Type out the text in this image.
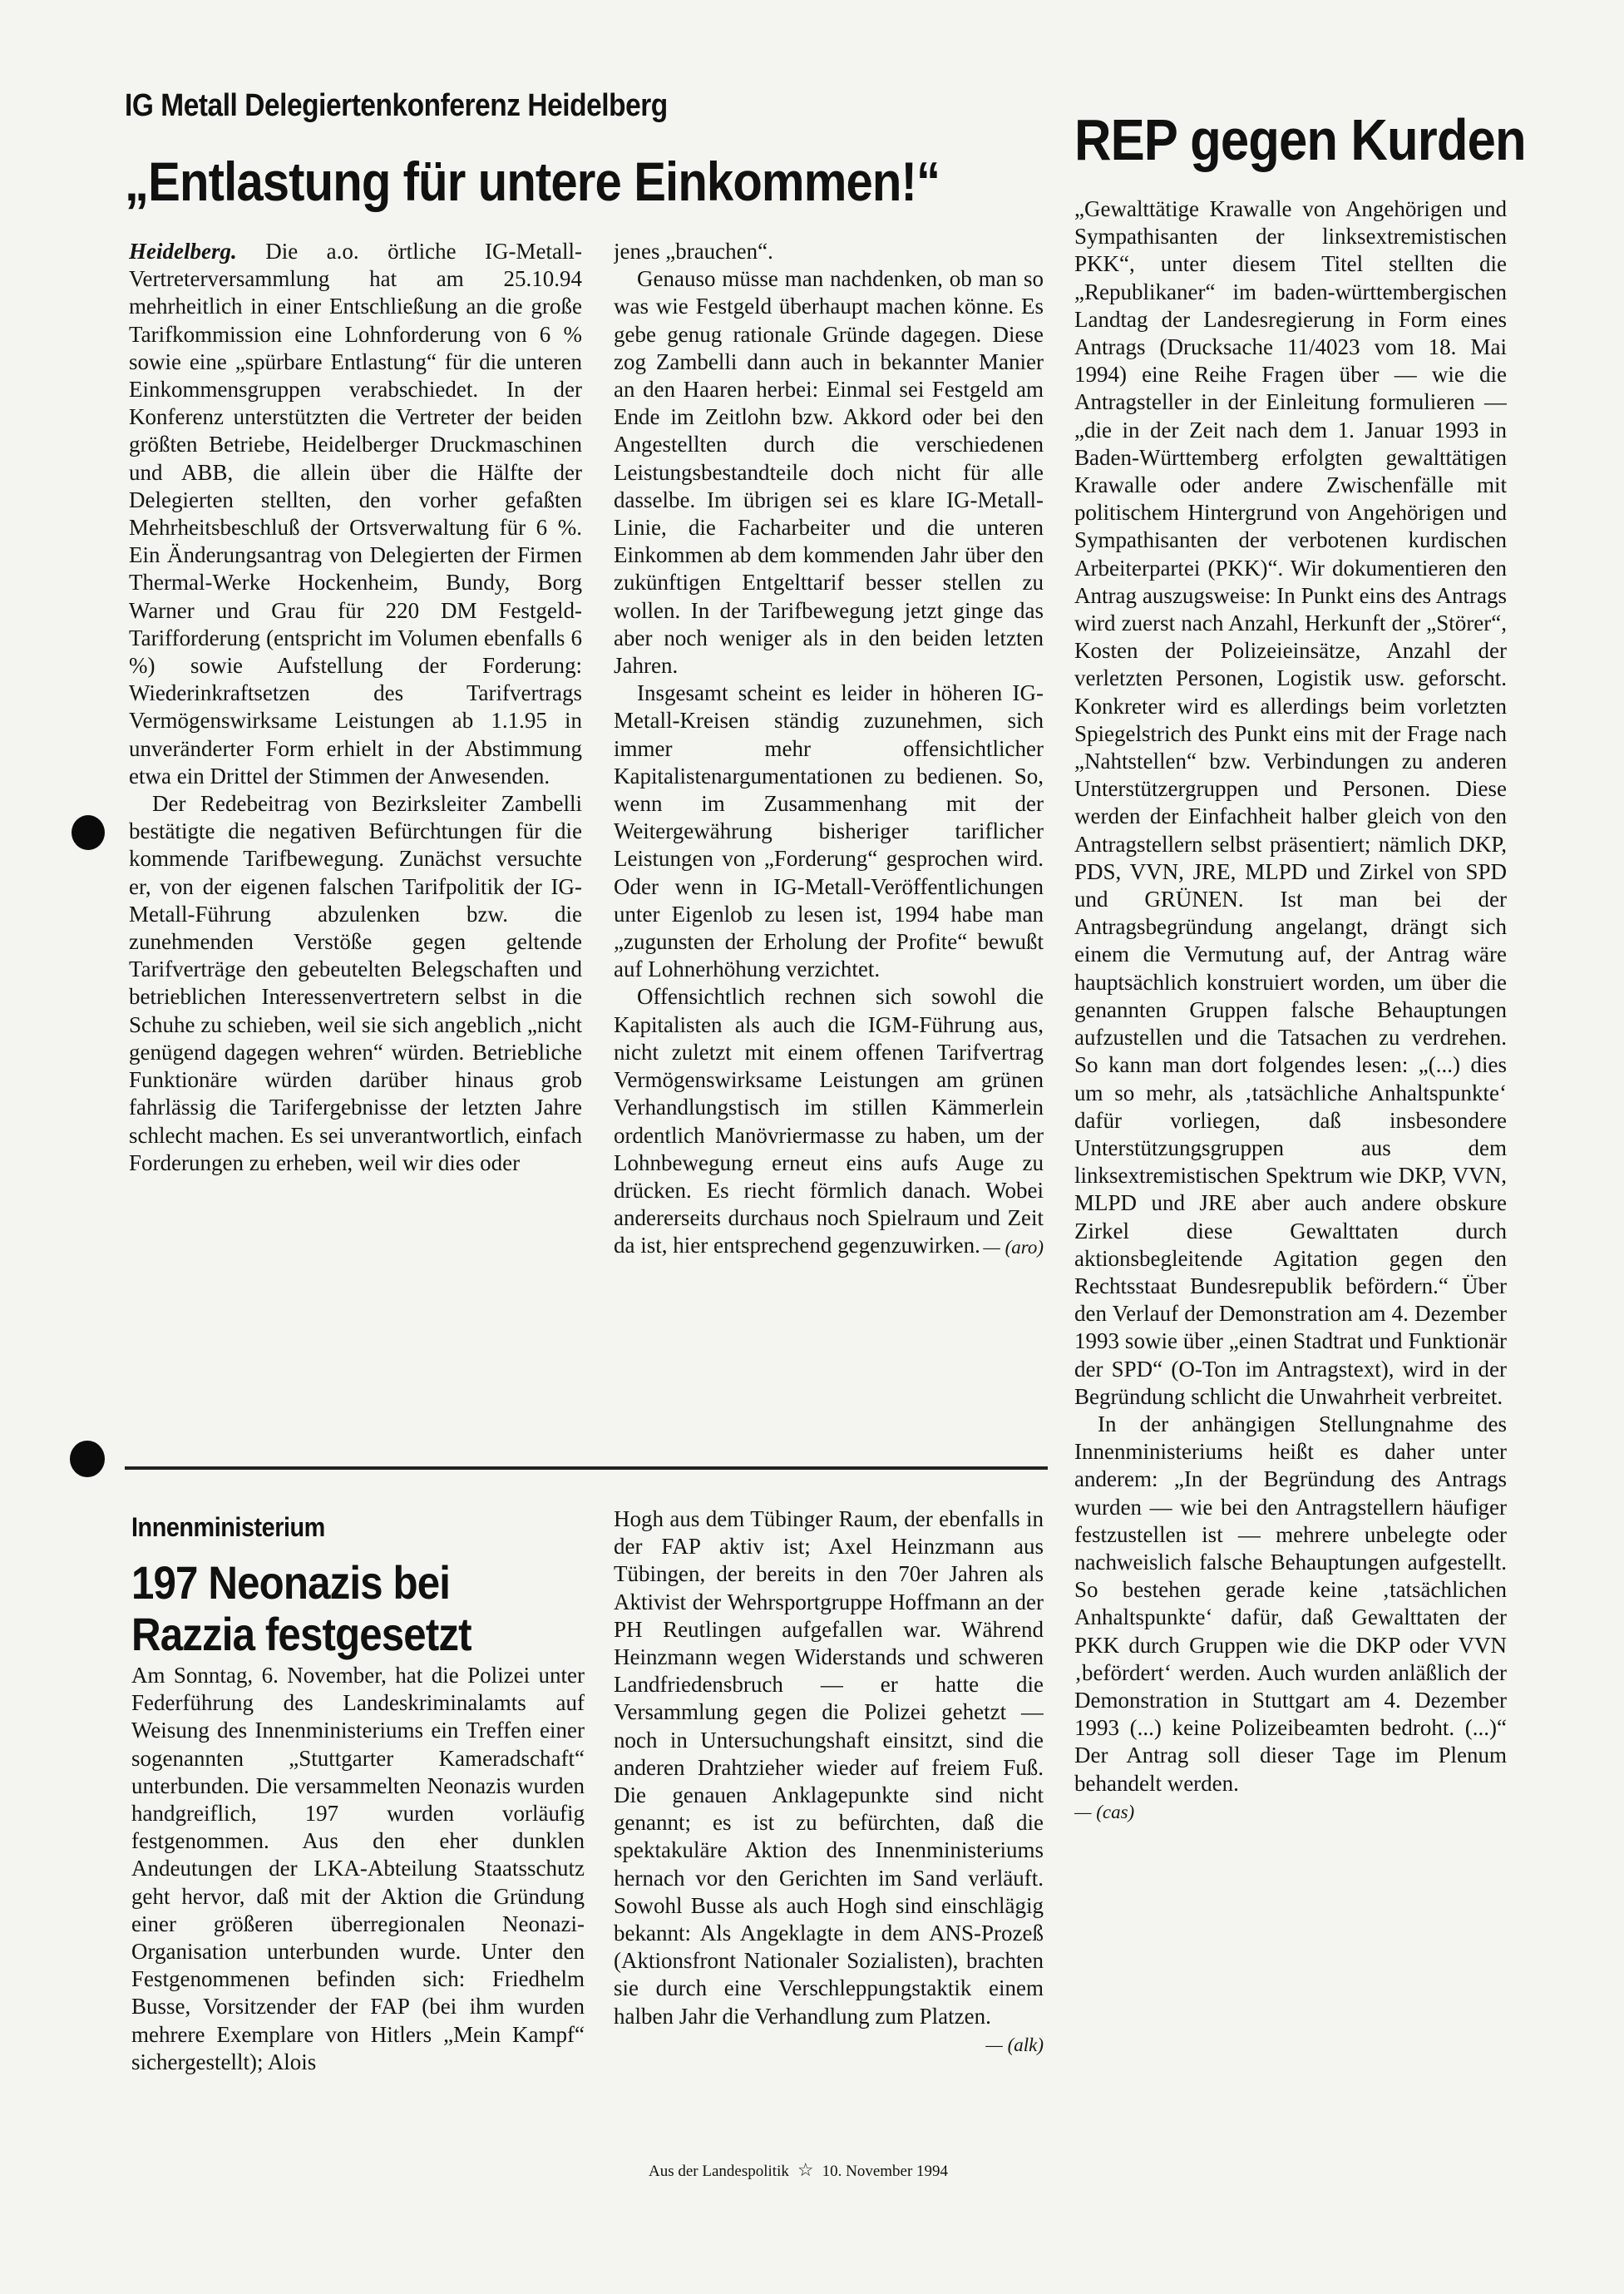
IG Metall Delegiertenkonferenz Heidelberg
„Entlastung für untere Einkommen!“

Heidelberg. Die a.o. örtliche IG-Metall-Vertreterversammlung hat am 25.10.94 mehrheitlich in einer Entschließung an die große Tarifkommission eine Lohnforderung von 6 % sowie eine „spürbare Entlastung“ für die unteren Einkommensgruppen verabschiedet. In der Konferenz unterstützten die Vertreter der beiden größten Betriebe, Heidelberger Druckmaschinen und ABB, die allein über die Hälfte der Delegierten stellten, den vorher gefaßten Mehrheitsbeschluß der Ortsverwaltung für 6 %. Ein Änderungsantrag von Delegierten der Firmen Thermal-Werke Hockenheim, Bundy, Borg Warner und Grau für 220 DM Festgeld-Tarifforderung (entspricht im Volumen ebenfalls 6 %) sowie Aufstellung der Forderung: Wiederinkraftsetzen des Tarifvertrags Vermögenswirksame Leistungen ab 1.1.95 in unveränderter Form erhielt in der Abstimmung etwa ein Drittel der Stimmen der Anwesenden.

Der Redebeitrag von Bezirksleiter Zambelli bestätigte die negativen Befürchtungen für die kommende Tarifbewegung. Zunächst versuchte er, von der eigenen falschen Tarifpolitik der IG-Metall-Führung abzulenken bzw. die zunehmenden Verstöße gegen geltende Tarifverträge den gebeutelten Belegschaften und betrieblichen Interessenvertretern selbst in die Schuhe zu schieben, weil sie sich angeblich „nicht genügend dagegen wehren“ würden. Betriebliche Funktionäre würden darüber hinaus grob fahrlässig die Tarifergebnisse der letzten Jahre schlecht machen. Es sei unverantwortlich, einfach Forderungen zu erheben, weil wir dies oder

jenes „brauchen“.

Genauso müsse man nachdenken, ob man so was wie Festgeld überhaupt machen könne. Es gebe genug rationale Gründe dagegen. Diese zog Zambelli dann auch in bekannter Manier an den Haaren herbei: Einmal sei Festgeld am Ende im Zeitlohn bzw. Akkord oder bei den Angestellten durch die verschiedenen Leistungsbestandteile doch nicht für alle dasselbe. Im übrigen sei es klare IG-Metall-Linie, die Facharbeiter und die unteren Einkommen ab dem kommenden Jahr über den zukünftigen Entgelttarif besser stellen zu wollen. In der Tarifbewegung jetzt ginge das aber noch weniger als in den beiden letzten Jahren.

Insgesamt scheint es leider in höheren IG-Metall-Kreisen ständig zuzunehmen, sich immer mehr offensichtlicher Kapitalistenargumentationen zu bedienen. So, wenn im Zusammenhang mit der Weitergewährung bisheriger tariflicher Leistungen von „Forderung“ gesprochen wird. Oder wenn in IG-Metall-Veröffentlichungen unter Eigenlob zu lesen ist, 1994 habe man „zugunsten der Erholung der Profite“ bewußt auf Lohnerhöhung verzichtet.

Offensichtlich rechnen sich sowohl die Kapitalisten als auch die IGM-Führung aus, nicht zuletzt mit einem offenen Tarifvertrag Vermögenswirksame Leistungen am grünen Verhandlungstisch im stillen Kämmerlein ordentlich Manövriermasse zu haben, um der Lohnbewegung erneut eins aufs Auge zu drücken. Es riecht förmlich danach. Wobei andererseits durchaus noch Spielraum und Zeit da ist, hier entsprechend gegenzuwirken. — (aro)
REP gegen Kurden

„Gewalttätige Krawalle von Angehörigen und Sympathisanten der linksextremistischen PKK“, unter diesem Titel stellten die „Republikaner“ im baden-württembergischen Landtag der Landesregierung in Form eines Antrags (Drucksache 11/4023 vom 18. Mai 1994) eine Reihe Fragen über — wie die Antragsteller in der Einleitung formulieren — „die in der Zeit nach dem 1. Januar 1993 in Baden-Württemberg erfolgten gewalttätigen Krawalle oder andere Zwischenfälle mit politischem Hintergrund von Angehörigen und Sympathisanten der verbotenen kurdischen Arbeiterpartei (PKK)“. Wir dokumentieren den Antrag auszugsweise: In Punkt eins des Antrags wird zuerst nach Anzahl, Herkunft der „Störer“, Kosten der Polizeieinsätze, Anzahl der verletzten Personen, Logistik usw. geforscht. Konkreter wird es allerdings beim vorletzten Spiegelstrich des Punkt eins mit der Frage nach „Nahtstellen“ bzw. Verbindungen zu anderen Unterstützergruppen und Personen. Diese werden der Einfachheit halber gleich von den Antragstellern selbst präsentiert; nämlich DKP, PDS, VVN, JRE, MLPD und Zirkel von SPD und GRÜNEN. Ist man bei der Antragsbegründung angelangt, drängt sich einem die Vermutung auf, der Antrag wäre hauptsächlich konstruiert worden, um über die genannten Gruppen falsche Behauptungen aufzustellen und die Tatsachen zu verdrehen. So kann man dort folgendes lesen: „(...) dies um so mehr, als ‚tatsächliche Anhaltspunkte‘ dafür vorliegen, daß insbesondere Unterstützungsgruppen aus dem linksextremistischen Spektrum wie DKP, VVN, MLPD und JRE aber auch andere obskure Zirkel diese Gewalttaten durch aktionsbegleitende Agitation gegen den Rechtsstaat Bundesrepublik befördern.“ Über den Verlauf der Demonstration am 4. Dezember 1993 sowie über „einen Stadtrat und Funktionär der SPD“ (O-Ton im Antragstext), wird in der Begründung schlicht die Unwahrheit verbreitet.

In der anhängigen Stellungnahme des Innenministeriums heißt es daher unter anderem: „In der Begründung des Antrags wurden — wie bei den Antragstellern häufiger festzustellen ist — mehrere unbelegte oder nachweislich falsche Behauptungen aufgestellt. So bestehen gerade keine ‚tatsächlichen Anhaltspunkte‘ dafür, daß Gewalttaten der PKK durch Gruppen wie die DKP oder VVN ‚befördert‘ werden. Auch wurden anläßlich der Demonstration in Stuttgart am 4. Dezember 1993 (...) keine Polizeibeamten bedroht. (...)“ Der Antrag soll dieser Tage im Plenum behandelt werden.

— (cas)
Innenministerium
197 Neonazis bei
Razzia festgesetzt

Am Sonntag, 6. November, hat die Polizei unter Federführung des Landeskriminalamts auf Weisung des Innenministeriums ein Treffen einer sogenannten „Stuttgarter Kameradschaft“ unterbunden. Die versammelten Neonazis wurden handgreiflich, 197 wurden vorläufig festgenommen. Aus den eher dunklen Andeutungen der LKA-Abteilung Staatsschutz geht hervor, daß mit der Aktion die Gründung einer größeren überregionalen Neonazi-Organisation unterbunden wurde. Unter den Festgenommenen befinden sich: Friedhelm Busse, Vorsitzender der FAP (bei ihm wurden mehrere Exemplare von Hitlers „Mein Kampf“ sichergestellt); Alois

Hogh aus dem Tübinger Raum, der ebenfalls in der FAP aktiv ist; Axel Heinzmann aus Tübingen, der bereits in den 70er Jahren als Aktivist der Wehrsportgruppe Hoffmann an der PH Reutlingen aufgefallen war. Während Heinzmann wegen Widerstands und schweren Landfriedensbruch — er hatte die Versammlung gegen die Polizei gehetzt — noch in Untersuchungshaft einsitzt, sind die anderen Drahtzieher wieder auf freiem Fuß. Die genauen Anklagepunkte sind nicht genannt; es ist zu befürchten, daß die spektakuläre Aktion des Innenministeriums hernach vor den Gerichten im Sand verläuft. Sowohl Busse als auch Hogh sind einschlägig bekannt: Als Angeklagte in dem ANS-Prozeß (Aktionsfront Nationaler Sozialisten), brachten sie durch eine Verschleppungstaktik einem halben Jahr die Verhandlung zum Platzen.

— (alk)
Aus der Landespolitik ☆ 10. November 1994
